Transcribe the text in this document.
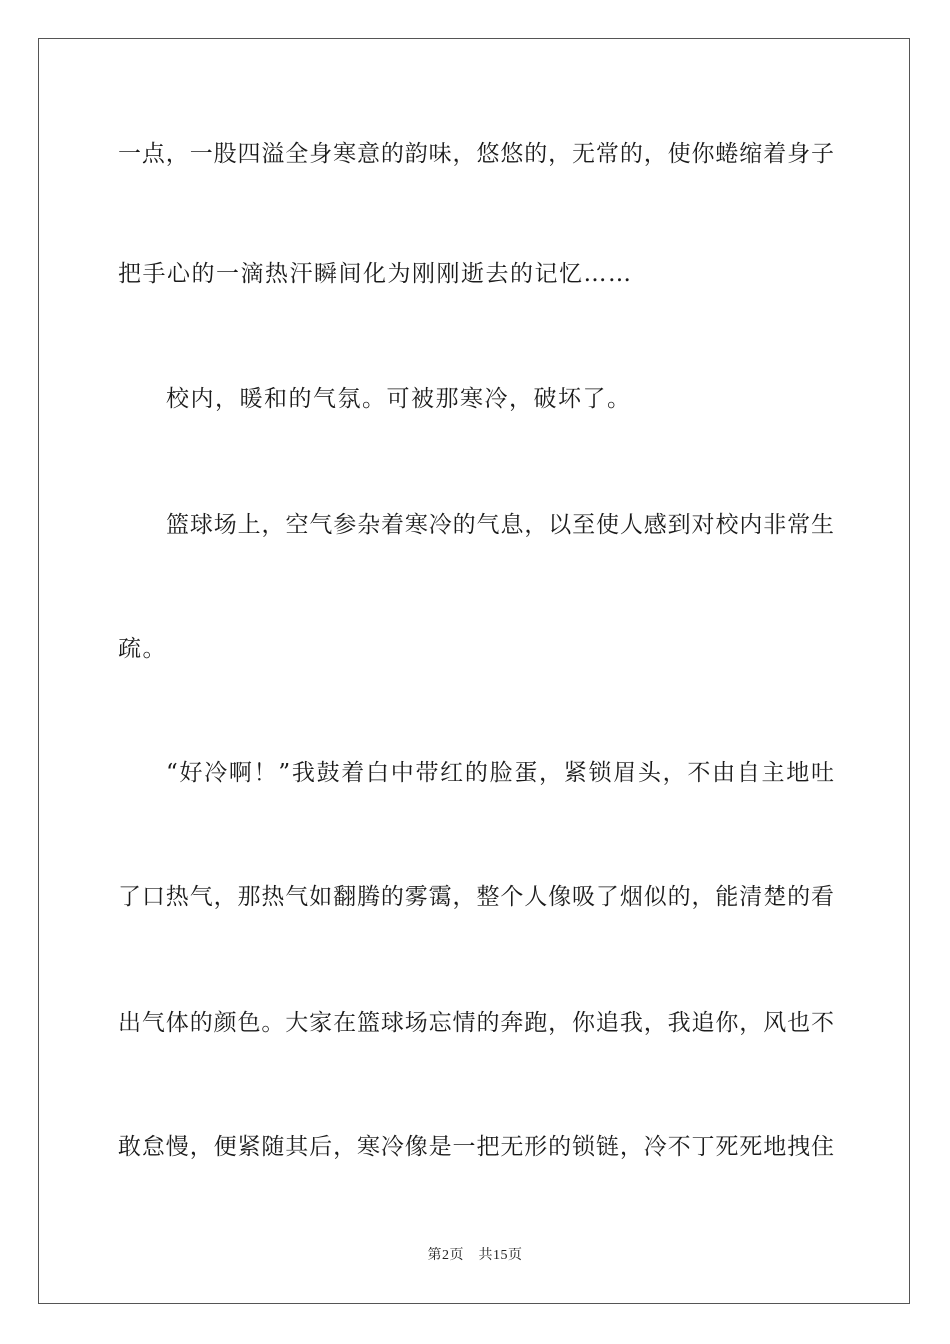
一点，一股四溢全身寒意的韵味，悠悠的，无常的，使你蜷缩着身子
把手心的一滴热汗瞬间化为刚刚逝去的记忆……
校内，暖和的气氛。可被那寒冷，破坏了。
篮球场上，空气参杂着寒冷的气息，以至使人感到对校内非常生
疏。
“好冷啊！”我鼓着白中带红的脸蛋，紧锁眉头，不由自主地吐
了口热气，那热气如翻腾的雾霭，整个人像吸了烟似的，能清楚的看
出气体的颜色。大家在篮球场忘情的奔跑，你追我，我追你，风也不
敢怠慢，便紧随其后，寒冷像是一把无形的锁链，冷不丁死死地拽住
第2页　共15页
